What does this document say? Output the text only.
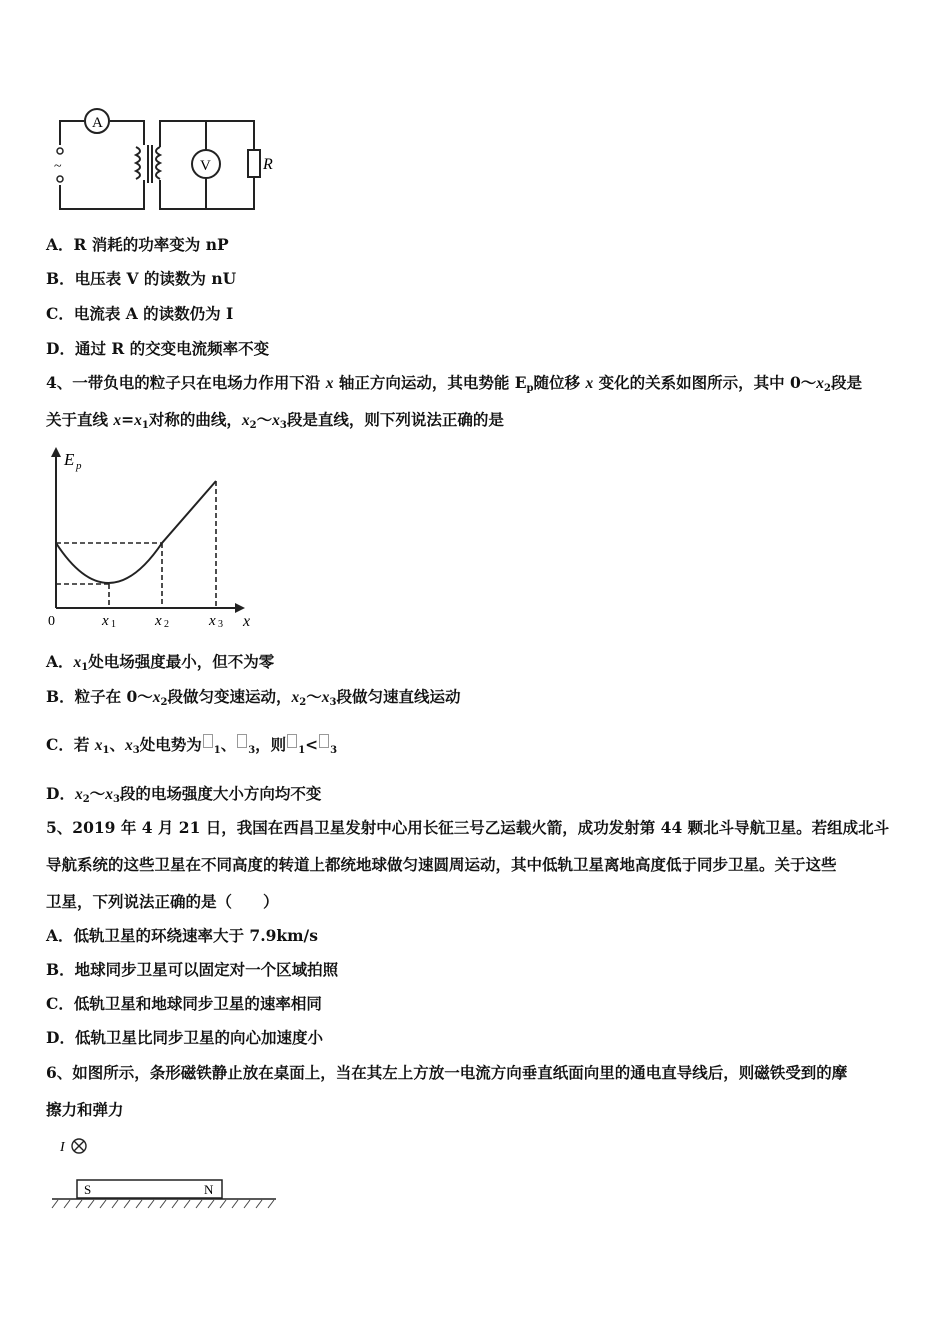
A
V	R
~
A．R 消耗的功率变为 nP
B．电压表 V 的读数为 nU
C．电流表 A 的读数仍为 I
D．通过 R 的交变电流频率不变
4、一带负电的粒子只在电场力作用下沿 x 轴正方向运动，其电势能 $E_p$随位移 x 变化的关系如图所示，其中 $0\sim x_2$段是
关于直线 $x=x_1$对称的曲线，$x_2\sim x_3$段是直线，则下列说法正确的是
E p
0	x
x 1	x 2	x 3
A．$x_1$处电场强度最小，但不为零
B．粒子在 $0\sim x_2$段做匀变速运动，$x_2\sim x_3$段做匀速直线运动
C．若 $x_1$、$x_3$处电势为 $_1$、 $_3$，则 $_1$< $_3$
D．$x_2\sim x_3$段的电场强度大小方向均不变
5、2019 年 4 月 21 日，我国在西昌卫星发射中心用长征三号乙运载火箭，成功发射第 44 颗北斗导航卫星。若组成北斗
导航系统的这些卫星在不同高度的转道上都统地球做匀速圆周运动，其中低轨卫星离地高度低于同步卫星。关于这些
卫星，下列说法正确的是（　　）
A．低轨卫星的环绕速率大于 7.9km/s
B．地球同步卫星可以固定对一个区域拍照
C．低轨卫星和地球同步卫星的速率相同
D．低轨卫星比同步卫星的向心加速度小
6、如图所示，条形磁铁静止放在桌面上，当在其左上方放一电流方向垂直纸面向里的通电直导线后，则磁铁受到的摩
擦力和弹力
I
S	N
